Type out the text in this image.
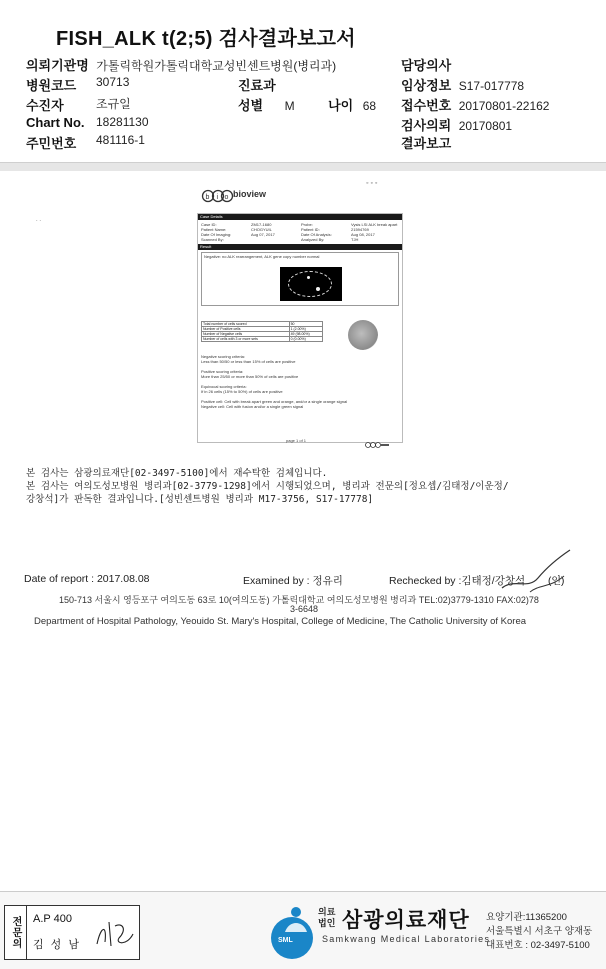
FISH_ALK t(2;5) 검사결과보고서
의뢰기관명 가톨릭학원가톨릭대학교성빈센트병원(병리과)	담당의사
병원코드 30713	진료과	임상정보 S17-017778
수진자	조규일	성별 M	나이 68 접수번호 20170801-22162
Chart No. 18281130	검사의뢰 20170801
주민번호 481116-1	결과보고
◦ ◦ ◦
∙ ∙
b i o bioview
Case Details
Case ID:	ZM17-1680	Probe:	Vysis LSI ALK break apart
Patient Name:	CHOGYUIL	Patient ID:	21594769
Date Of Imaging:	Aug 07, 2017	Date Of Analysis:	Aug 08, 2017
Scanned By:	Analyzed By:	TJH
Result
Negative: no ALK rearrangement, ALK gene copy number normal
Total number of cells scored	50
Number of Positive cells	1 (2.00%)
Number of Negative cells	49 (98.00%)
Number of cells with 3 or more sets	0 (0.00%)
Negative scoring criteria:
Less than 50/50 or less than 15% of cells are positive

Positive scoring criteria:
More than 25/50 or more than 50% of cells are positive

Equivocal scoring criteria:
If in 26 cells (15% to 50%) of cells are positive

Positive cell: Cell with break apart green and orange, and/or a single orange signal
Negative cell: Cell with fusion and/or a single green signal
page 1 of 1
본 검사는 삼광의료재단[02-3497-5100]에서 재수탁한 검체입니다.
본 검사는 여의도성모병원 병리과[02-3779-1298]에서 시행되었으며, 병리과 전문의[정요셉/김태정/이운정/
강창석]가 판독한 결과입니다.[성빈센트병원 병리과 M17-3756, S17-17778]
Date of report : 2017.08.08	Examined by : 정유리	Rechecked by :김태정/강창석 (인)
150-713 서울시 영등포구 여의도동 63로 10(여의도동) 가톨릭대학교 여의도성모병원 병리과 TEL:02)3779-1310 FAX:02)78
3-6648
Department of Hospital Pathology, Yeouido St. Mary's Hospital, College of Medicine, The Catholic University of Korea
전문의 A.P 400
김 성 남	SML
의료 법인 삼광의료재단
Samkwang Medical Laboratories
요양기관:11365200
서울특별시 서초구 양재동
대표번호 : 02-3497-5100
